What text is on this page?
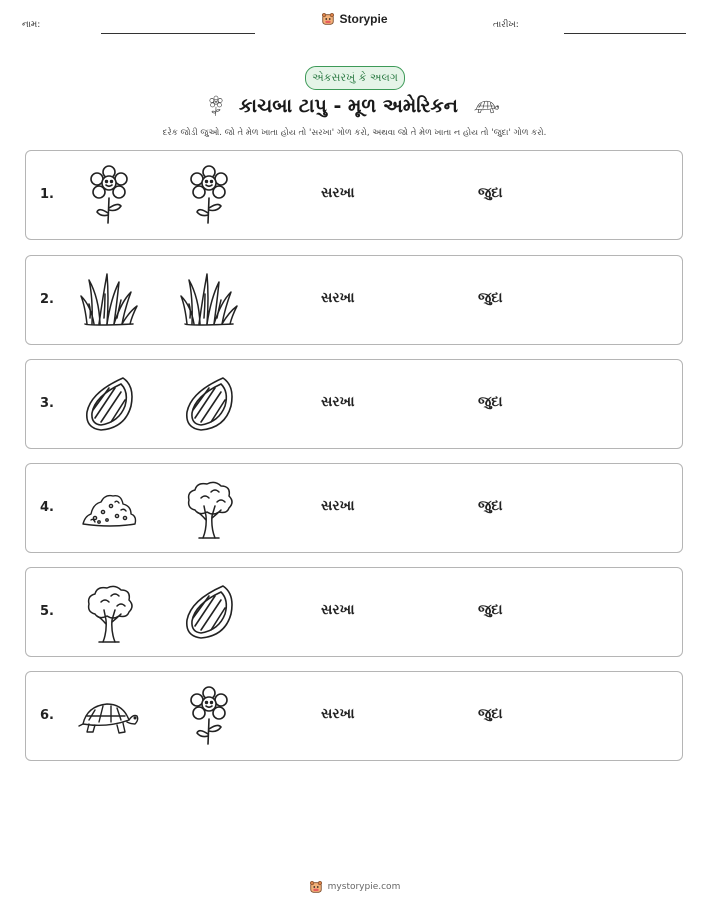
નામ:	Storypie	તારીખ:
એકસરખું કે અલગ
કાચબા ટાપુ - મૂળ અમેરિકન
દરેક જોડી જુઓ. જો તે મેળ ખાતા હોય તો 'સરખા' ગોળ કરો, અથવા જો તે મેળ ખાતા ન હોય તો 'જુદા' ગોળ કરો.
1.	સરખા	જુદા
2.	સરખા	જુદા
3.	સરખા	જુદા
4.	સરખા	જુદા
5.	સરખા	જુદા
6.	સરખા	જુદા
mystorypie.com
